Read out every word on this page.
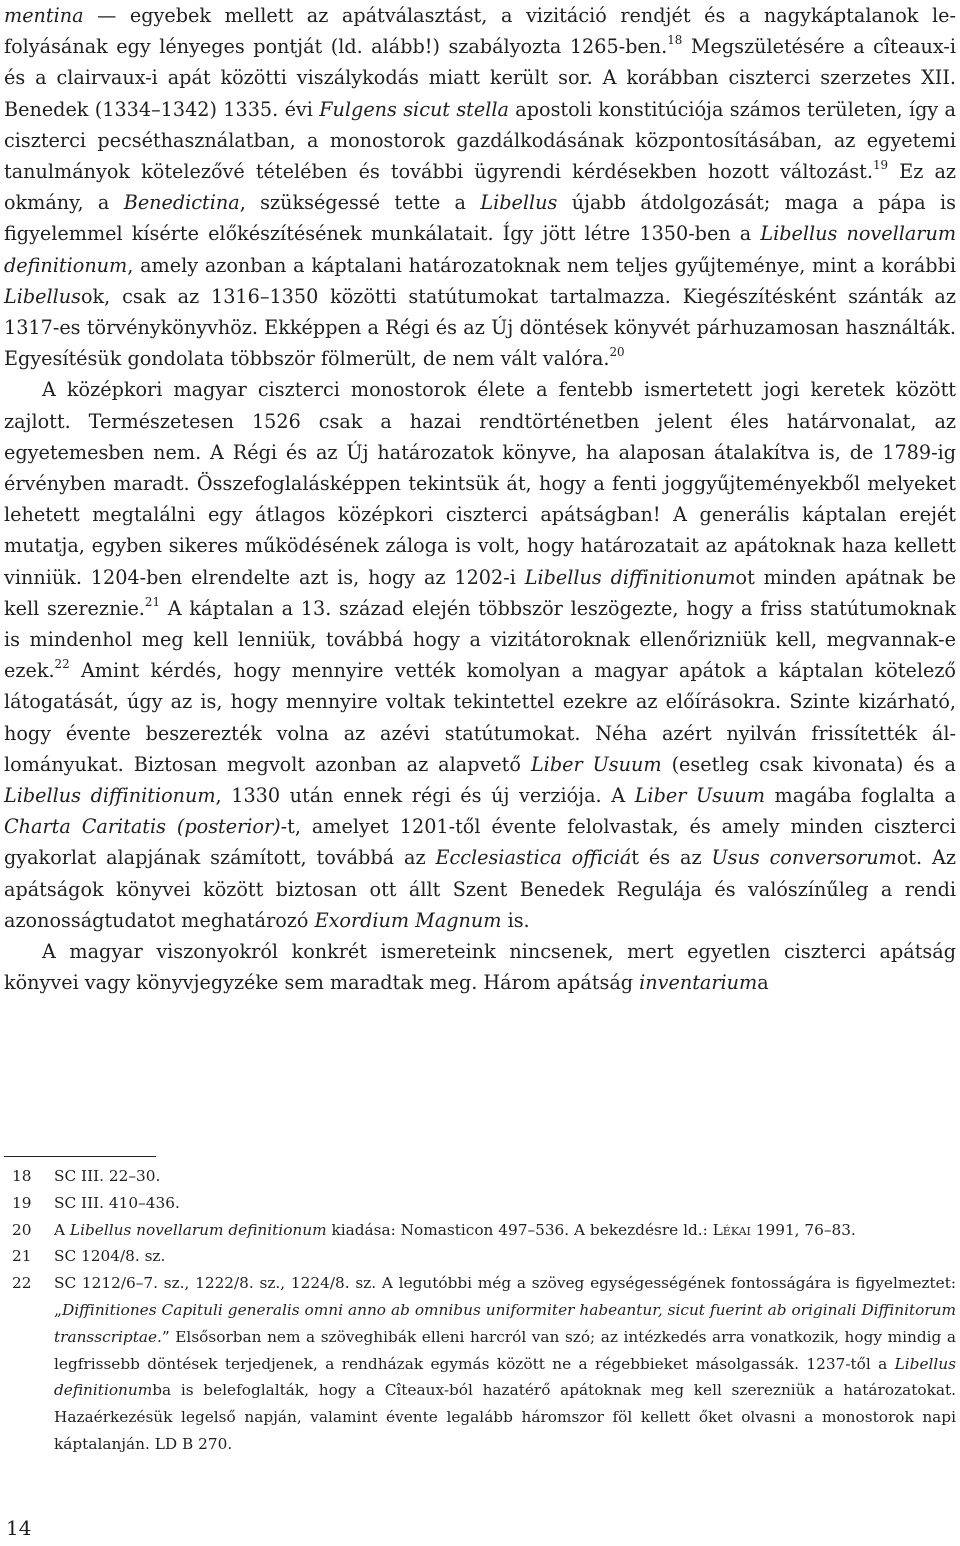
mentina — egyebek mellett az apátválasztást, a vizitáció rendjét és a nagykáptalanok lefolyásának egy lényeges pontját (ld. alább!) szabályozta 1265-ben.$^{18}$ Megszületésére a cîteaux-i és a clairvaux-i apát közötti viszálykodás miatt került sor. A korábban ciszterci szerzetes XII. Benedek (1334–1342) 1335. évi Fulgens sicut stella apostoli konstitúciója számos területen, így a ciszterci pecséthasználatban, a monostorok gazdálkodásának központosításában, az egyetemi tanulmányok kötelezővé tételében és további ügyrendi kérdésekben hozott változást.$^{19}$ Ez az okmány, a Benedictina, szükségessé tette a Libellus újabb átdolgozását; maga a pápa is figyelemmel kísérte előkészítésének munkálatait. Így jött létre 1350-ben a Libellus novellarum definitionum, amely azonban a káptalani határozatoknak nem teljes gyűjteménye, mint a korábbi Libellusok, csak az 1316–1350 közötti statútumokat tartalmazza. Kiegészítésként szánták az 1317-es törvénykönyvhöz. Ekképpen a Régi és az Új döntések könyvét párhuzamosan használták. Egyesítésük gondolata többször fölmerült, de nem vált valóra.$^{20}$

A középkori magyar ciszterci monostorok élete a fentebb ismertetett jogi keretek között zajlott. Természetesen 1526 csak a hazai rendtörténetben jelent éles határvonalat, az egyetemesben nem. A Régi és az Új határozatok könyve, ha alaposan átalakítva is, de 1789-ig érvényben maradt. Összefoglalásképpen tekintsük át, hogy a fenti joggyűjteményekből melyeket lehetett megtalálni egy átlagos középkori ciszterci apátságban! A generális káptalan erejét mutatja, egyben sikeres működésének záloga is volt, hogy határozatait az apátoknak haza kellett vinniük. 1204-ben elrendelte azt is, hogy az 1202-i Libellus diffinitionumot minden apátnak be kell szereznie.$^{21}$ A káptalan a 13. század elején többször leszögezte, hogy a friss statútumoknak is mindenhol meg kell lenniük, továbbá hogy a vizitátoroknak ellenőrizniük kell, megvannak-e ezek.$^{22}$ Amint kérdés, hogy mennyire vették komolyan a magyar apátok a káptalan kötelező látogatását, úgy az is, hogy mennyire voltak tekintettel ezekre az előírásokra. Szinte kizárható, hogy évente beszerezték volna az azévi statútumokat. Néha azért nyilván frissítették állományukat. Biztosan megvolt azonban az alapvető Liber Usuum (esetleg csak kivonata) és a Libellus diffinitionum, 1330 után ennek régi és új verziója. A Liber Usuum magába foglalta a Charta Caritatis (posterior)-t, amelyet 1201-től évente felolvastak, és amely minden ciszterci gyakorlat alapjának számított, továbbá az Ecclesiastica officiát és az Usus conversorumot. Az apátságok könyvei között biztosan ott állt Szent Benedek Regulája és valószínűleg a rendi azonosságtudatot meghatározó Exordium Magnum is.

A magyar viszonyokról konkrét ismereteink nincsenek, mert egyetlen ciszterci apátság könyvei vagy könyvjegyzéke sem maradtak meg. Három apátság inventariuma

18 SC III. 22–30.
19 SC III. 410–436.
20 A Libellus novellarum definitionum kiadása: Nomasticon 497–536. A bekezdésre ld.: Lékai 1991, 76–83.
21 SC 1204/8. sz.
22 SC 1212/6–7. sz., 1222/8. sz., 1224/8. sz. A legutóbbi még a szöveg egységességének fontosságára is figyelmeztet: „Diffinitiones Capituli generalis omni anno ab omnibus uniformiter habeantur, sicut fuerint ab originali Diffinitorum transscriptae.” Elsősorban nem a szöveghibák elleni harcról van szó; az intézkedés arra vonatkozik, hogy mindig a legfrissebb döntések terjedjenek, a rendházak egymás között ne a régebbieket másolgassák. 1237-től a Libellus definitionumba is belefoglalták, hogy a Cîteaux-ból hazatérő apátoknak meg kell szerezniük a határozatokat. Hazaérkezésük legelső napján, valamint évente legalább háromszor föl kellett őket olvasni a monostorok napi káptalanján. LD B 270.
14
